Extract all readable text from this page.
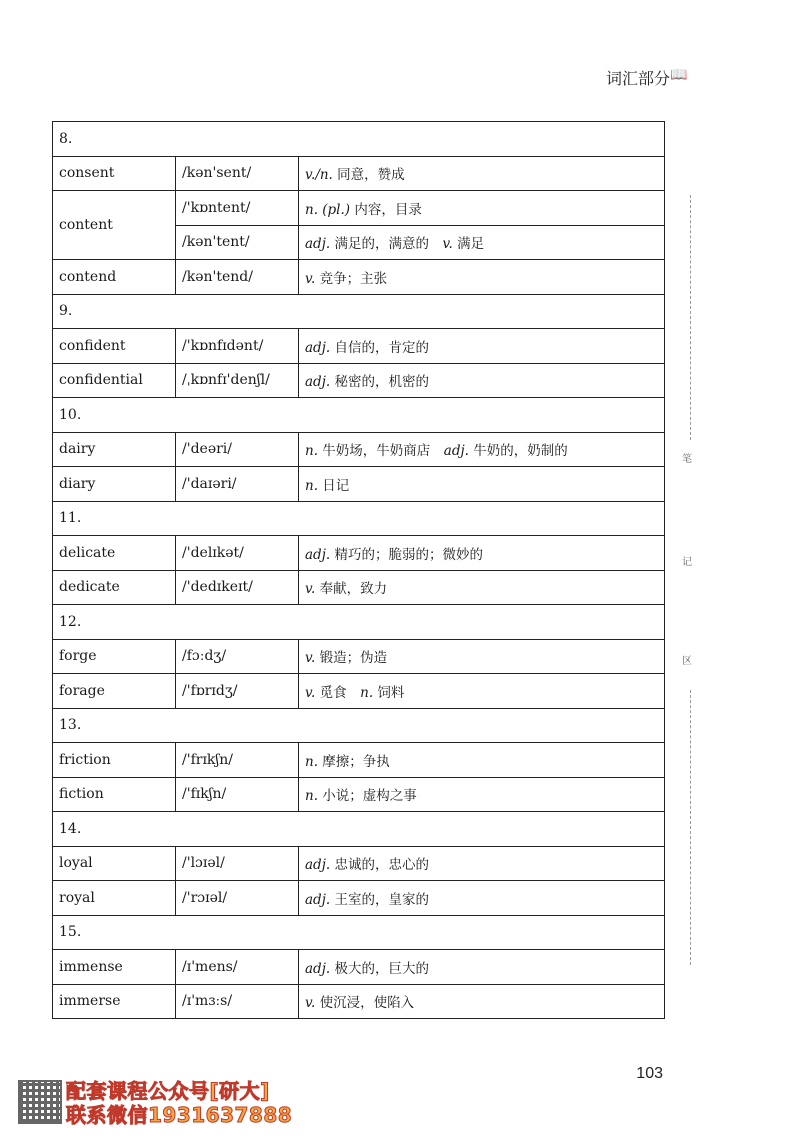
词汇部分 📖
8.		
consent	/kən'sent/	v./n. 同意，赞成
content	/'kɒntent/	n. (pl.) 内容，目录
	/kən'tent/	adj. 满足的，满意的　v. 满足
contend	/kən'tend/	v. 竞争；主张
9.		
confident	/'kɒnfɪdənt/	adj. 自信的，肯定的
confidential	/ˌkɒnfɪ'denʃl/	adj. 秘密的，机密的
10.		
dairy	/'deəri/	n. 牛奶场，牛奶商店　adj. 牛奶的，奶制的
diary	/'daɪəri/	n. 日记
11.		
delicate	/'delɪkət/	adj. 精巧的；脆弱的；微妙的
dedicate	/'dedɪkeɪt/	v. 奉献，致力
12.		
forge	/fɔːdʒ/	v. 锻造；伪造
forage	/'fɒrɪdʒ/	v. 觅食　n. 饲料
13.		
friction	/'frɪkʃn/	n. 摩擦；争执
fiction	/'fɪkʃn/	n. 小说；虚构之事
14.		
loyal	/'lɔɪəl/	adj. 忠诚的，忠心的
royal	/'rɔɪəl/	adj. 王室的，皇家的
15.		
immense	/ɪ'mens/	adj. 极大的，巨大的
immerse	/ɪ'mɜːs/	v. 使沉浸，使陷入
笔
记
区
103
配套课程公众号[研大]
联系微信1931637888
